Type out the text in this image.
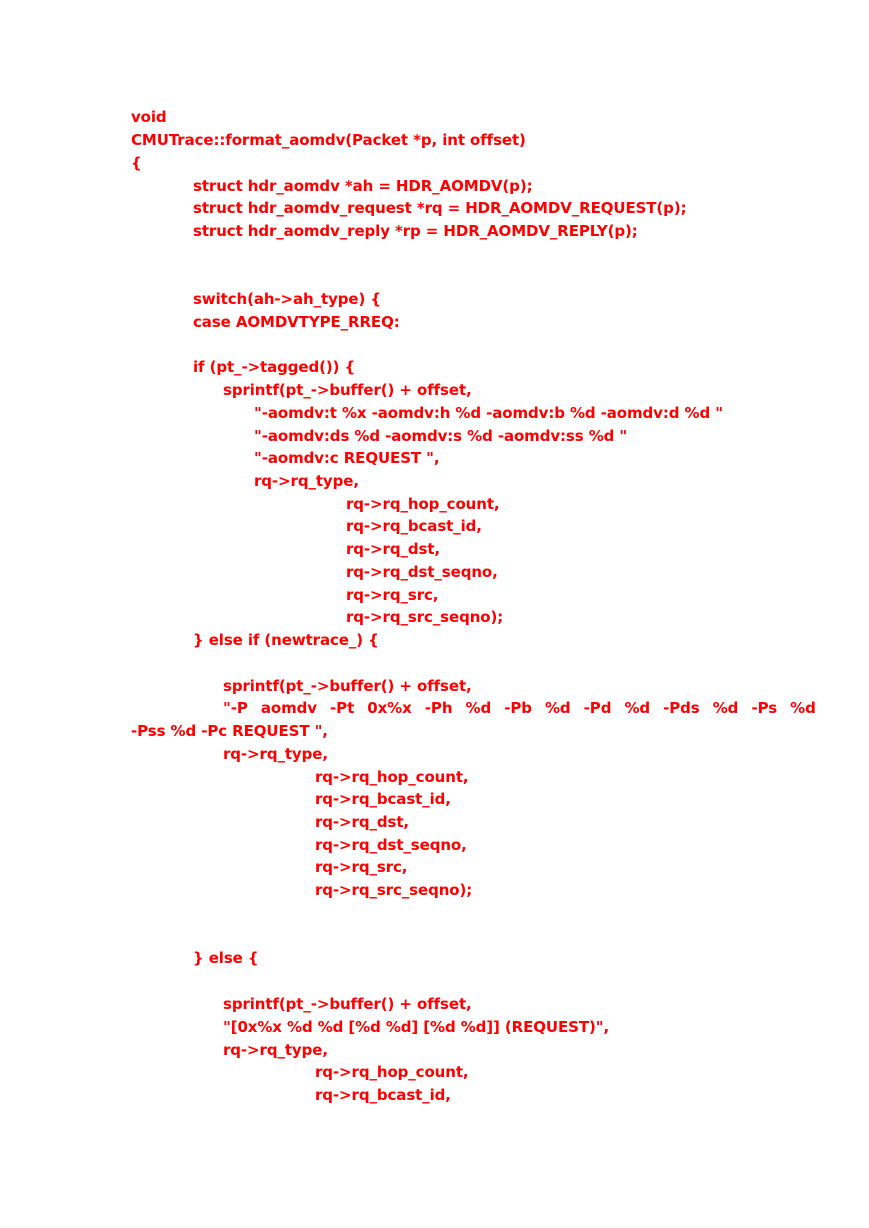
void
CMUTrace::format_aomdv(Packet *p, int offset)
{
struct hdr_aomdv *ah = HDR_AOMDV(p);
struct hdr_aomdv_request *rq = HDR_AOMDV_REQUEST(p);
struct hdr_aomdv_reply *rp = HDR_AOMDV_REPLY(p);
switch(ah->ah_type) {
case AOMDVTYPE_RREQ:
if (pt_->tagged()) {
sprintf(pt_->buffer() + offset,
"-aomdv:t %x -aomdv:h %d -aomdv:b %d -aomdv:d %d "
"-aomdv:ds %d -aomdv:s %d -aomdv:ss %d "
"-aomdv:c REQUEST ",
rq->rq_type,
rq->rq_hop_count,
rq->rq_bcast_id,
rq->rq_dst,
rq->rq_dst_seqno,
rq->rq_src,
rq->rq_src_seqno);
} else if (newtrace_) {
sprintf(pt_->buffer() + offset,
"-P aomdv -Pt 0x%x -Ph %d -Pb %d -Pd %d -Pds %d -Ps %d
-Pss %d -Pc REQUEST ",
rq->rq_type,
rq->rq_hop_count,
rq->rq_bcast_id,
rq->rq_dst,
rq->rq_dst_seqno,
rq->rq_src,
rq->rq_src_seqno);
} else {
sprintf(pt_->buffer() + offset,
"[0x%x %d %d [%d %d] [%d %d]] (REQUEST)",
rq->rq_type,
rq->rq_hop_count,
rq->rq_bcast_id,
